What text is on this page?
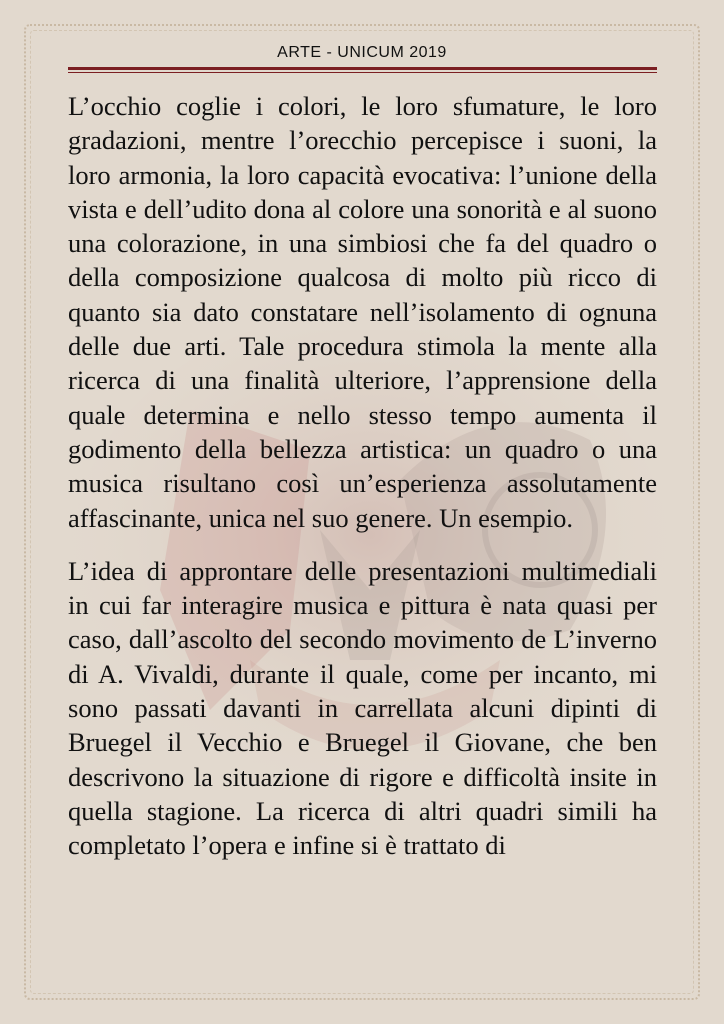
ARTE - UNICUM 2019

L’occhio coglie i colori, le loro sfumature, le loro gradazioni, mentre l’orecchio percepisce i suoni, la loro armonia, la loro capacità evocativa: l’unione della vista e dell’udito dona al colore una sonorità e al suono una colorazione, in una simbiosi che fa del quadro o della composizione qualcosa di molto più ricco di quanto sia dato constatare nell’isolamento di ognuna delle due arti. Tale procedura stimola la mente alla ricerca di una finalità ulteriore, l’apprensione della quale determina e nello stesso tempo aumenta il godimento della bellezza artistica: un quadro o una musica risultano così un’esperienza assolutamente affascinante, unica nel suo genere. Un esempio.

L’idea di approntare delle presentazioni multimediali in cui far interagire musica e pittura è nata quasi per caso, dall’ascolto del secondo movimento de L’inverno di A. Vivaldi, durante il quale, come per incanto, mi sono passati davanti in carrellata alcuni dipinti di Bruegel il Vecchio e Bruegel il Giovane, che ben descrivono la situazione di rigore e difficoltà insite in quella stagione. La ricerca di altri quadri simili ha completato l’opera e infine si è trattato di
